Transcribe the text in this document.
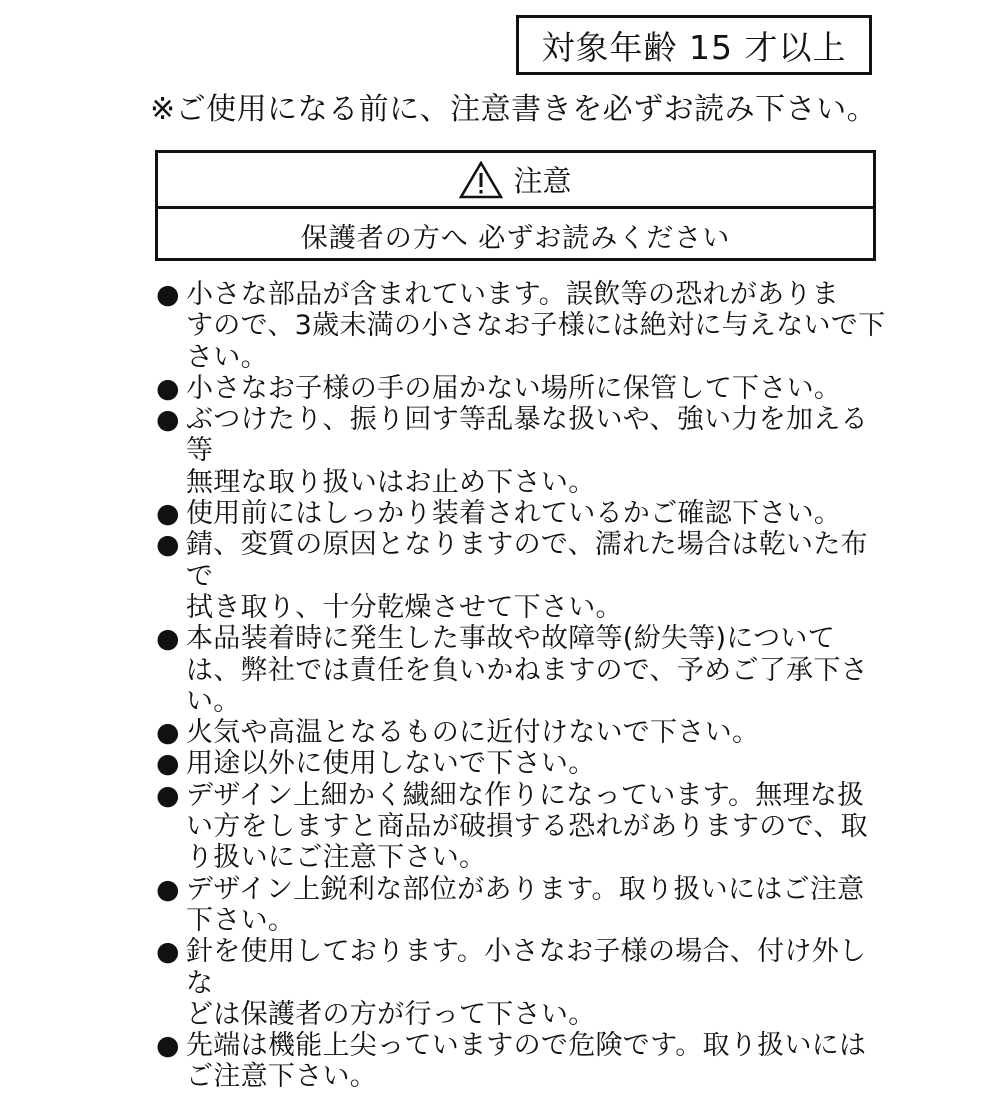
対象年齢 15 才以上
※ご使用になる前に、注意書きを必ずお読み下さい。
注意
保護者の方へ 必ずお読みください
● 小さな部品が含まれています。誤飲等の恐れがありま
すので、3歳未満の小さなお子様には絶対に与えないで下
さい。
● 小さなお子様の手の届かない場所に保管して下さい。
● ぶつけたり、振り回す等乱暴な扱いや、強い力を加える等
無理な取り扱いはお止め下さい。
● 使用前にはしっかり装着されているかご確認下さい。
● 錆、変質の原因となりますので、濡れた場合は乾いた布で
拭き取り、十分乾燥させて下さい。
● 本品装着時に発生した事故や故障等(紛失等)について
は、弊社では責任を負いかねますので、予めご了承下さ
い。
● 火気や高温となるものに近付けないで下さい。
● 用途以外に使用しないで下さい。
● デザイン上細かく繊細な作りになっています。無理な扱
い方をしますと商品が破損する恐れがありますので、取
り扱いにご注意下さい。
● デザイン上鋭利な部位があります。取り扱いにはご注意
下さい。
● 針を使用しております。小さなお子様の場合、付け外しな
どは保護者の方が行って下さい。
● 先端は機能上尖っていますので危険です。取り扱いには
ご注意下さい。
